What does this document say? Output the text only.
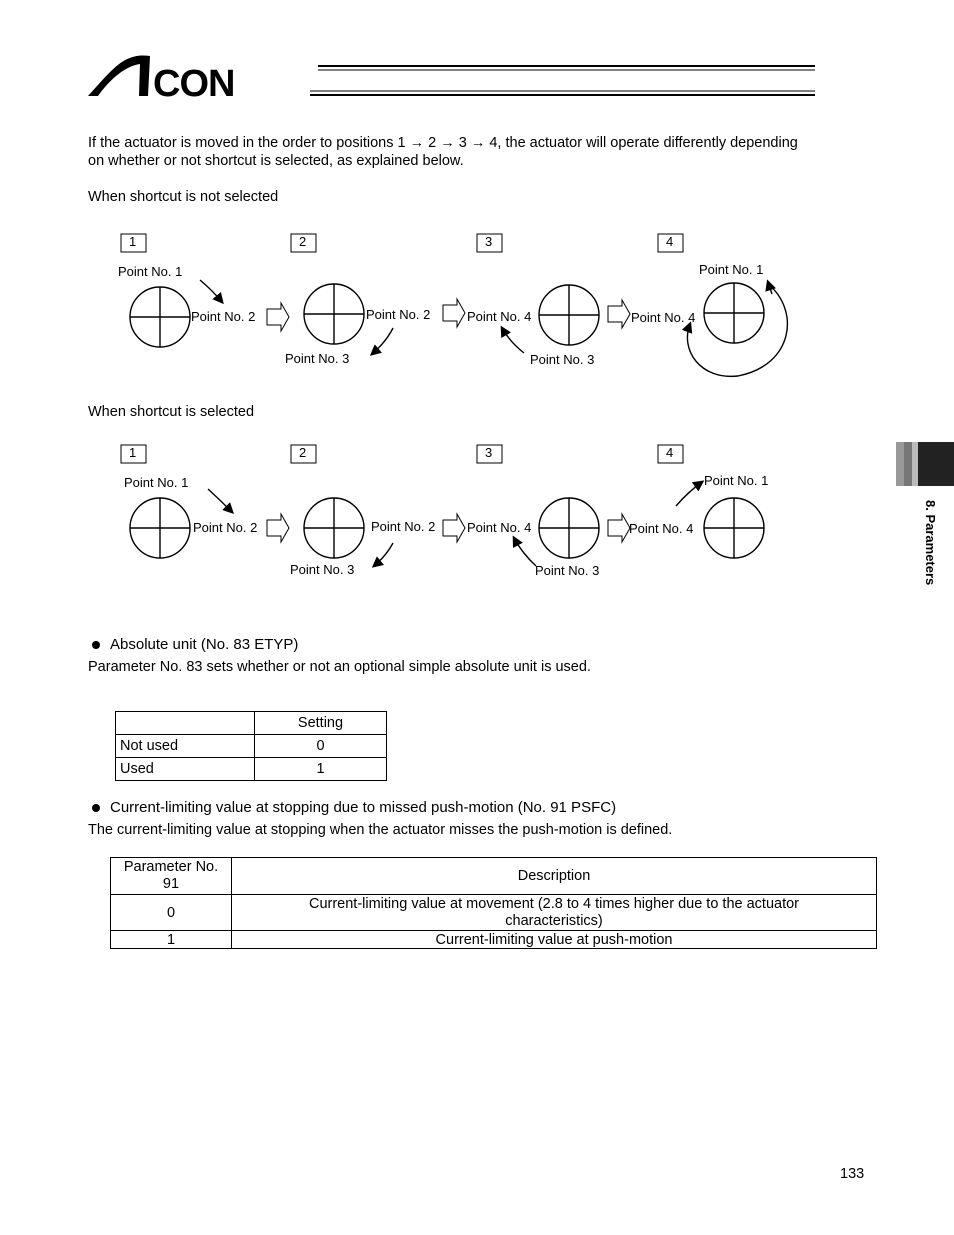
CON
If the actuator is moved in the order to positions 1 → 2 → 3 → 4, the actuator will operate differently depending
on whether or not shortcut is selected, as explained below.
When shortcut is not selected
1	2	3	4
Point No. 1
Point No. 2	Point No. 2
Point No. 3
Point No. 4
Point No. 3
Point No. 4
Point No. 1
When shortcut is selected
1	2	3	4
Point No. 1
Point No. 2	Point No. 2
Point No. 3
Point No. 4
Point No. 3
Point No. 4
Point No. 1
Absolute unit (No. 83 ETYP)
Parameter No. 83 sets whether or not an optional simple absolute unit is used.
	Setting
Not used	0
Used	1
Current-limiting value at stopping due to missed push-motion (No. 91 PSFC)
The current-limiting value at stopping when the actuator misses the push-motion is defined.
Parameter No. 91	Description
0	Current-limiting value at movement (2.8 to 4 times higher due to the actuator characteristics)
1	Current-limiting value at push-motion
8. Parameters
133
